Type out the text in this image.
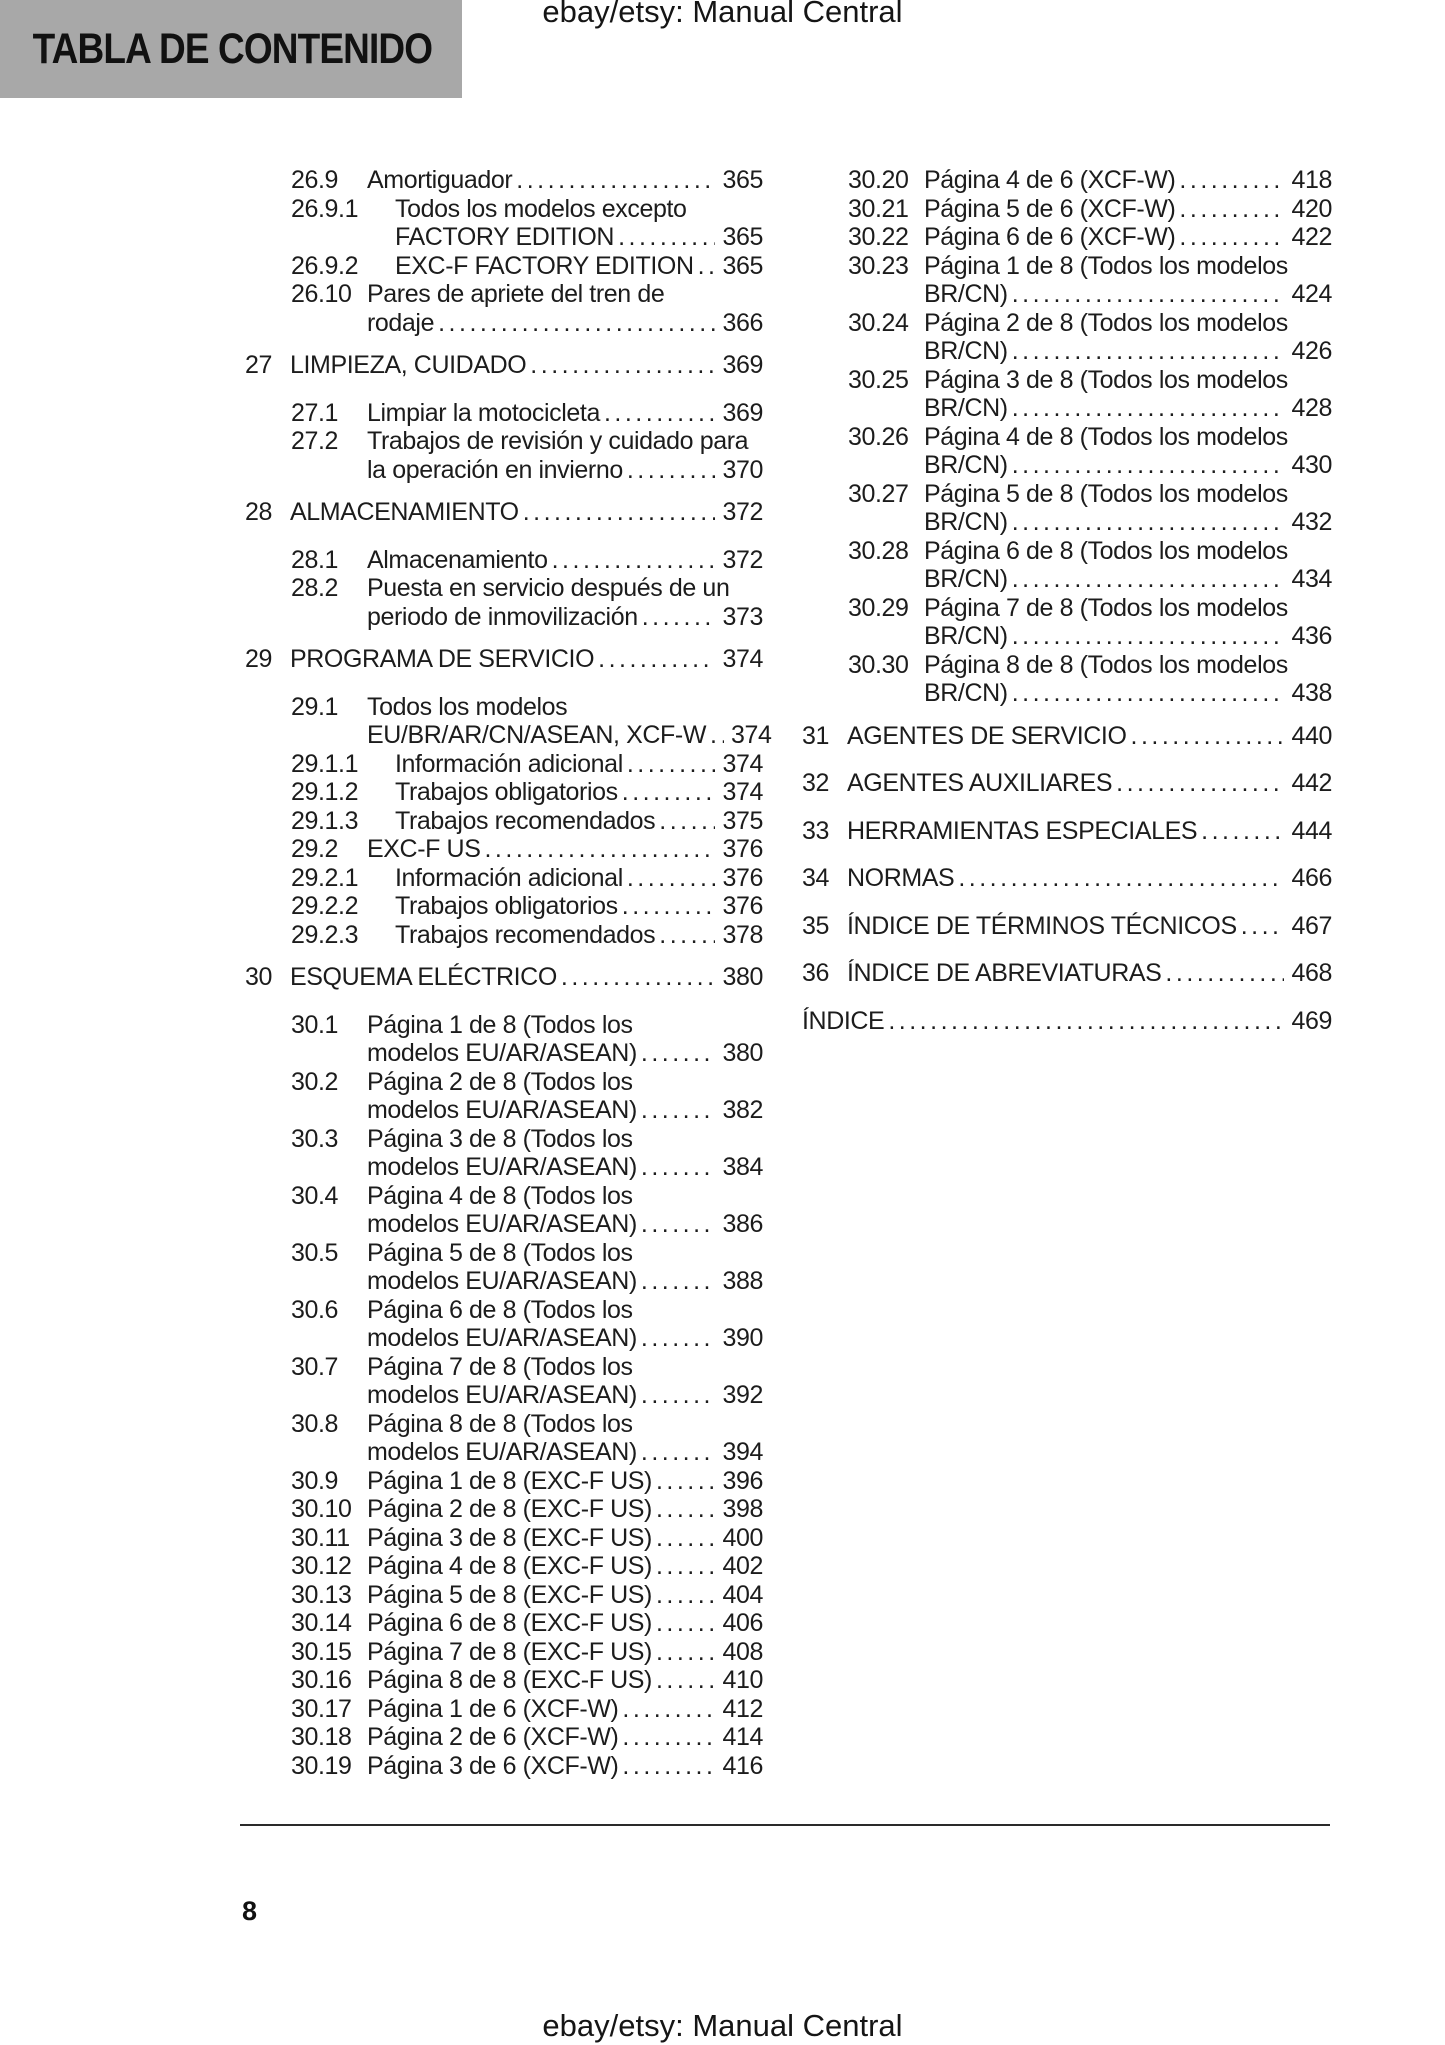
TABLA DE CONTENIDO
ebay/etsy: Manual Central
26.9	Amortiguador .....	365
26.9.1	Todos los modelos excepto
FACTORY EDITION .....	365
26.9.2	EXC-F FACTORY EDITION ..... 365
26.10 Pares de apriete del tren de
rodaje .....	366
27 LIMPIEZA, CUIDADO .....	369
27.1	Limpiar la motocicleta .....	369
27.2	Trabajos de revisión y cuidado para
la operación en invierno .....	370
28 ALMACENAMIENTO .....	372
28.1	Almacenamiento .....	372
28.2	Puesta en servicio después de un
periodo de inmovilización .....	373
29 PROGRAMA DE SERVICIO .....	374
29.1	Todos los modelos
EU/BR/AR/CN/ASEAN, XCF-W ..... 374
29.1.1	Información adicional .....	374
29.1.2	Trabajos obligatorios .....	374
29.1.3	Trabajos recomendados .....	375
29.2	EXC-F US .....	376
29.2.1	Información adicional .....	376
29.2.2	Trabajos obligatorios .....	376
29.2.3	Trabajos recomendados .....	378
30 ESQUEMA ELÉCTRICO .....	380
30.1	Página 1 de 8 (Todos los
modelos EU/AR/ASEAN) .....	380
30.2	Página 2 de 8 (Todos los
modelos EU/AR/ASEAN) .....	382
30.3	Página 3 de 8 (Todos los
modelos EU/AR/ASEAN) .....	384
30.4	Página 4 de 8 (Todos los
modelos EU/AR/ASEAN) .....	386
30.5	Página 5 de 8 (Todos los
modelos EU/AR/ASEAN) .....	388
30.6	Página 6 de 8 (Todos los
modelos EU/AR/ASEAN) .....	390
30.7	Página 7 de 8 (Todos los
modelos EU/AR/ASEAN) .....	392
30.8	Página 8 de 8 (Todos los
modelos EU/AR/ASEAN) .....	394
30.9	Página 1 de 8 (EXC-F US) .....	396
30.10 Página 2 de 8 (EXC-F US) .....	398
30.11 Página 3 de 8 (EXC-F US) .....	400
30.12 Página 4 de 8 (EXC-F US) .....	402
30.13 Página 5 de 8 (EXC-F US) .....	404
30.14 Página 6 de 8 (EXC-F US) .....	406
30.15 Página 7 de 8 (EXC-F US) .....	408
30.16 Página 8 de 8 (EXC-F US) .....	410
30.17 Página 1 de 6 (XCF-W) .....	412
30.18 Página 2 de 6 (XCF-W) .....	414
30.19 Página 3 de 6 (XCF-W) .....	416
30.20 Página 4 de 6 (XCF-W) .....	418
30.21 Página 5 de 6 (XCF-W) .....	420
30.22 Página 6 de 6 (XCF-W) .....	422
30.23 Página 1 de 8 (Todos los modelos
BR/CN) .....	424
30.24 Página 2 de 8 (Todos los modelos
BR/CN) .....	426
30.25 Página 3 de 8 (Todos los modelos
BR/CN) .....	428
30.26 Página 4 de 8 (Todos los modelos
BR/CN) .....	430
30.27 Página 5 de 8 (Todos los modelos
BR/CN) .....	432
30.28 Página 6 de 8 (Todos los modelos
BR/CN) .....	434
30.29 Página 7 de 8 (Todos los modelos
BR/CN) .....	436
30.30 Página 8 de 8 (Todos los modelos
BR/CN) .....	438
31 AGENTES DE SERVICIO .....	440
32 AGENTES AUXILIARES .....	442
33 HERRAMIENTAS ESPECIALES .....	444
34 NORMAS .....	466
35 ÍNDICE DE TÉRMINOS TÉCNICOS ..... 467
36 ÍNDICE DE ABREVIATURAS .....	468
ÍNDICE .....	469
8
ebay/etsy: Manual Central
